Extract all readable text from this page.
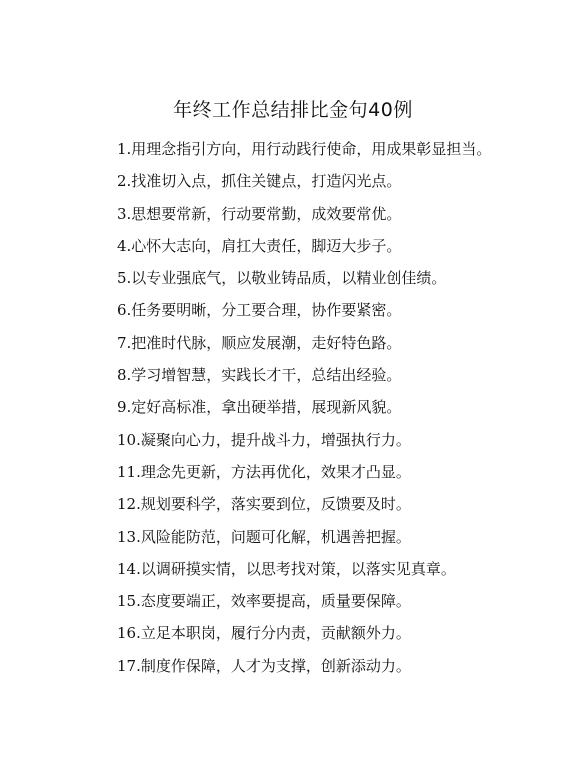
年终工作总结排比金句40例
1.用理念指引方向，用行动践行使命，用成果彰显担当。
2.找准切入点，抓住关键点，打造闪光点。
3.思想要常新，行动要常勤，成效要常优。
4.心怀大志向，肩扛大责任，脚迈大步子。
5.以专业强底气，以敬业铸品质，以精业创佳绩。
6.任务要明晰，分工要合理，协作要紧密。
7.把准时代脉，顺应发展潮，走好特色路。
8.学习增智慧，实践长才干，总结出经验。
9.定好高标准，拿出硬举措，展现新风貌。
10.凝聚向心力，提升战斗力，增强执行力。
11.理念先更新，方法再优化，效果才凸显。
12.规划要科学，落实要到位，反馈要及时。
13.风险能防范，问题可化解，机遇善把握。
14.以调研摸实情，以思考找对策，以落实见真章。
15.态度要端正，效率要提高，质量要保障。
16.立足本职岗，履行分内责，贡献额外力。
17.制度作保障，人才为支撑，创新添动力。
